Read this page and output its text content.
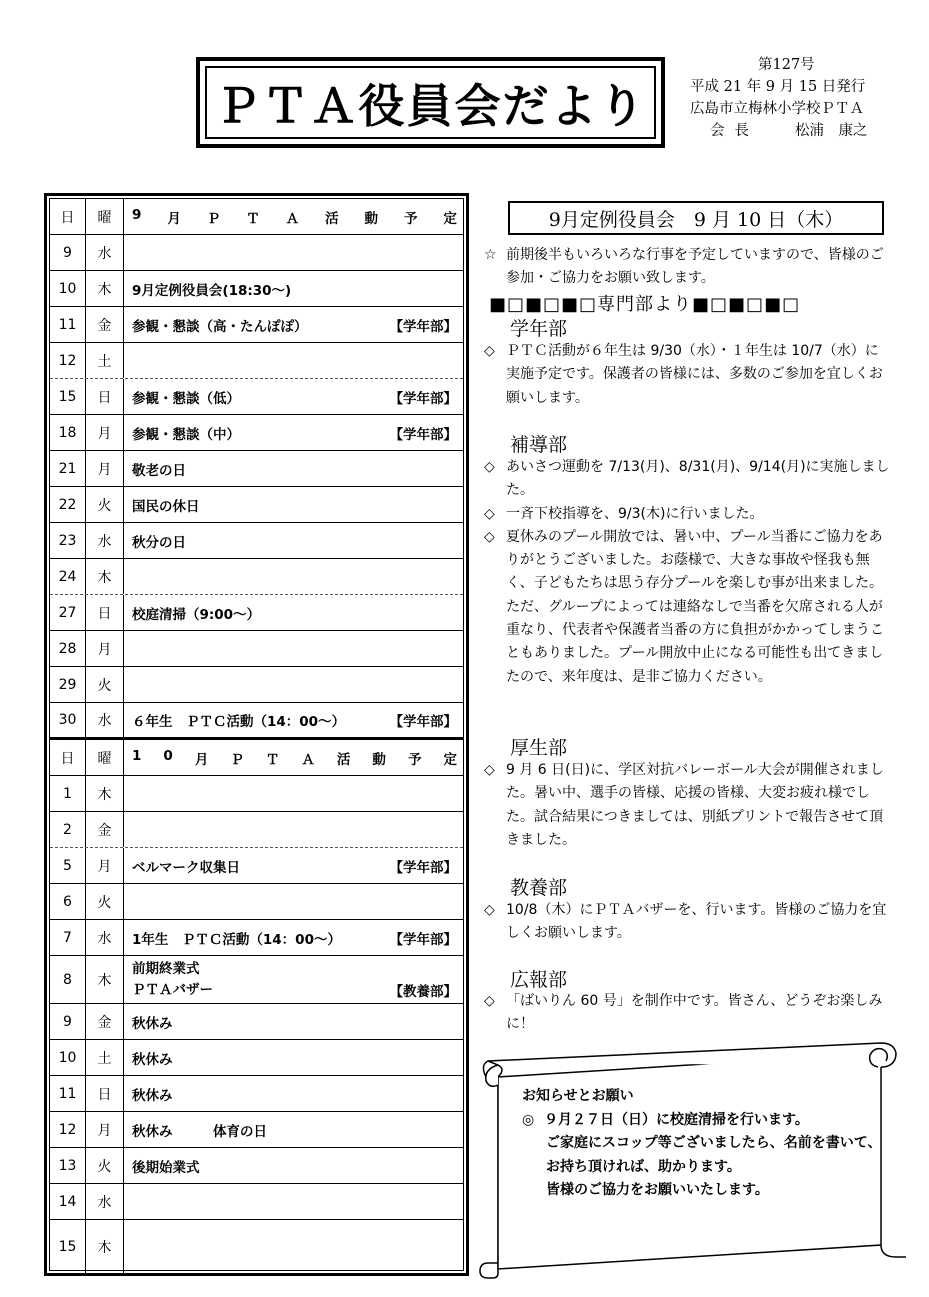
ＰＴＡ役員会だより
第127号
平成 21 年 9 月 15 日発行
広島市立梅林小学校ＰＴＡ
会長	松浦　康之
日	曜	9 月 Ｐ Ｔ Ａ 活 動 予 定
9	水
10	木	9月定例役員会(18:30～)
11	金	参観・懇談（高・たんぽぽ）	【学年部】
12	土
15	日	参観・懇談（低）	【学年部】
18	月	参観・懇談（中）	【学年部】
21	月	敬老の日
22	火	国民の休日
23	水	秋分の日
24	木
27	日	校庭清掃（9:00～）
28	月
29	火
30	水	６年生　ＰＴＣ活動（14：00～）	【学年部】
日	曜	1 0 月 Ｐ Ｔ Ａ 活 動 予 定
1	木
2	金
5	月	ベルマーク収集日	【学年部】
6	火
7	水	1年生　ＰＴＣ活動（14：00～）	【学年部】
8	木
前期終業式
ＰＴＡバザー	【教養部】
9	金	秋休み
10	土	秋休み
11	日	秋休み
12	月	秋休み　　　体育の日
13	火	後期始業式
14	水
15	木
9月定例役員会　9 月 10 日（木）
☆ 前期後半もいろいろな行事を予定していますので、皆様のご参加・ご協力をお願い致します。
■□■□■□専門部より■□■□■□
学年部
◇ ＰＴＣ活動が６年生は 9/30（水）・１年生は 10/7（水）に実施予定です。保護者の皆様には、多数のご参加を宜しくお願いします。
補導部
◇ あいさつ運動を 7/13(月)、8/31(月)、9/14(月)に実施しました。
◇ 一斉下校指導を、9/3(木)に行いました。
◇ 夏休みのプール開放では、暑い中、プール当番にご協力をありがとうございました。お蔭様で、大きな事故や怪我も無く、子どもたちは思う存分プールを楽しむ事が出来ました。ただ、グループによっては連絡なしで当番を欠席される人が重なり、代表者や保護者当番の方に負担がかかってしまうこともありました。プール開放中止になる可能性も出てきましたので、来年度は、是非ご協力ください。
厚生部
◇ 9 月 6 日(日)に、学区対抗バレーボール大会が開催されました。暑い中、選手の皆様、応援の皆様、大変お疲れ様でした。試合結果につきましては、別紙プリントで報告させて頂きました。
教養部
◇ 10/8（木）にＰＴＡバザーを、行います。皆様のご協力を宜しくお願いします。
広報部
◇ 「ばいりん 60 号」を制作中です。皆さん、どうぞお楽しみに！
お知らせとお願い
◎ ９月２７日（日）に校庭清掃を行います。
ご家庭にスコップ等ございましたら、名前を書いて、お持ち頂ければ、助かります。
皆様のご協力をお願いいたします。
